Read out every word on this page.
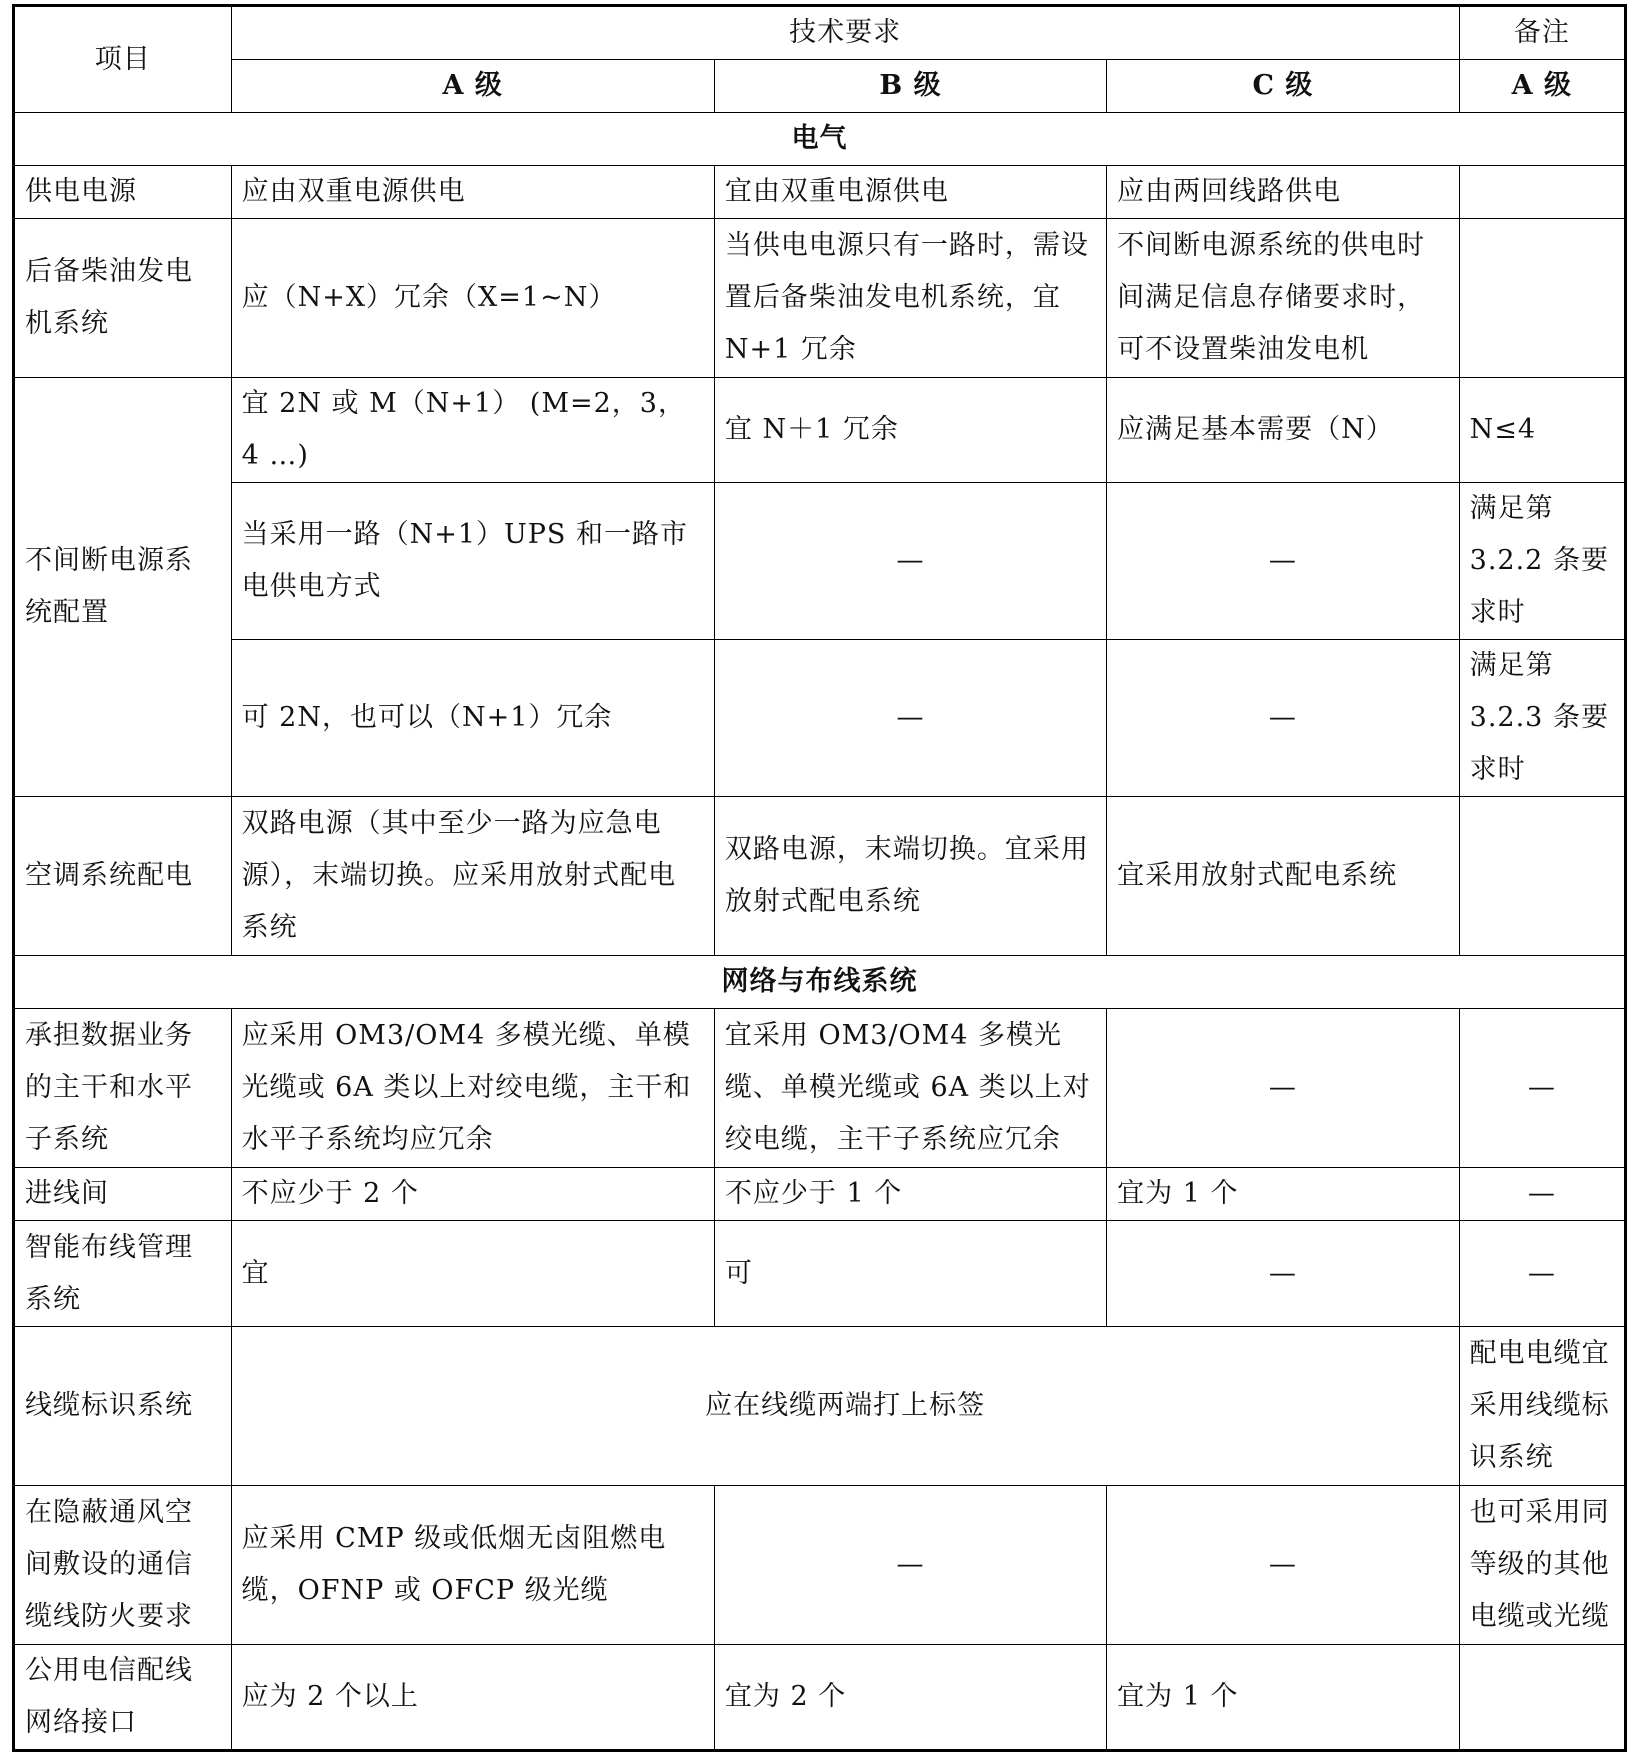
项目	技术要求			备注
	A 级	B 级	C 级	A 级
电气				
供电电源	应由双重电源供电	宜由双重电源供电	应由两回线路供电	
后备柴油发电机系统	应（N+X）冗余（X=1~N）	当供电电源只有一路时，需设置后备柴油发电机系统，宜 N+1 冗余	不间断电源系统的供电时间满足信息存储要求时，可不设置柴油发电机	
不间断电源系统配置	宜 2N 或 M（N+1） (M=2，3，4 …)	宜 N＋1 冗余	应满足基本需要（N）	N≤4
	当采用一路（N+1）UPS 和一路市电供电方式	—	—	满足第 3.2.2 条要求时
	可 2N，也可以（N+1）冗余	—	—	满足第 3.2.3 条要求时
空调系统配电	双路电源（其中至少一路为应急电源），末端切换。应采用放射式配电系统	双路电源，末端切换。宜采用放射式配电系统	宜采用放射式配电系统	
网络与布线系统				
承担数据业务的主干和水平子系统	应采用 OM3/OM4 多模光缆、单模光缆或 6A 类以上对绞电缆，主干和水平子系统均应冗余	宜采用 OM3/OM4 多模光缆、单模光缆或 6A 类以上对绞电缆，主干子系统应冗余	—	—
进线间	不应少于 2 个	不应少于 1 个	宜为 1 个	—
智能布线管理系统	宜	可	—	—
线缆标识系统	应在线缆两端打上标签			配电电缆宜采用线缆标识系统
在隐蔽通风空间敷设的通信缆线防火要求	应采用 CMP 级或低烟无卤阻燃电缆，OFNP 或 OFCP 级光缆	—	—	也可采用同等级的其他电缆或光缆
公用电信配线网络接口	应为 2 个以上	宜为 2 个	宜为 1 个	
